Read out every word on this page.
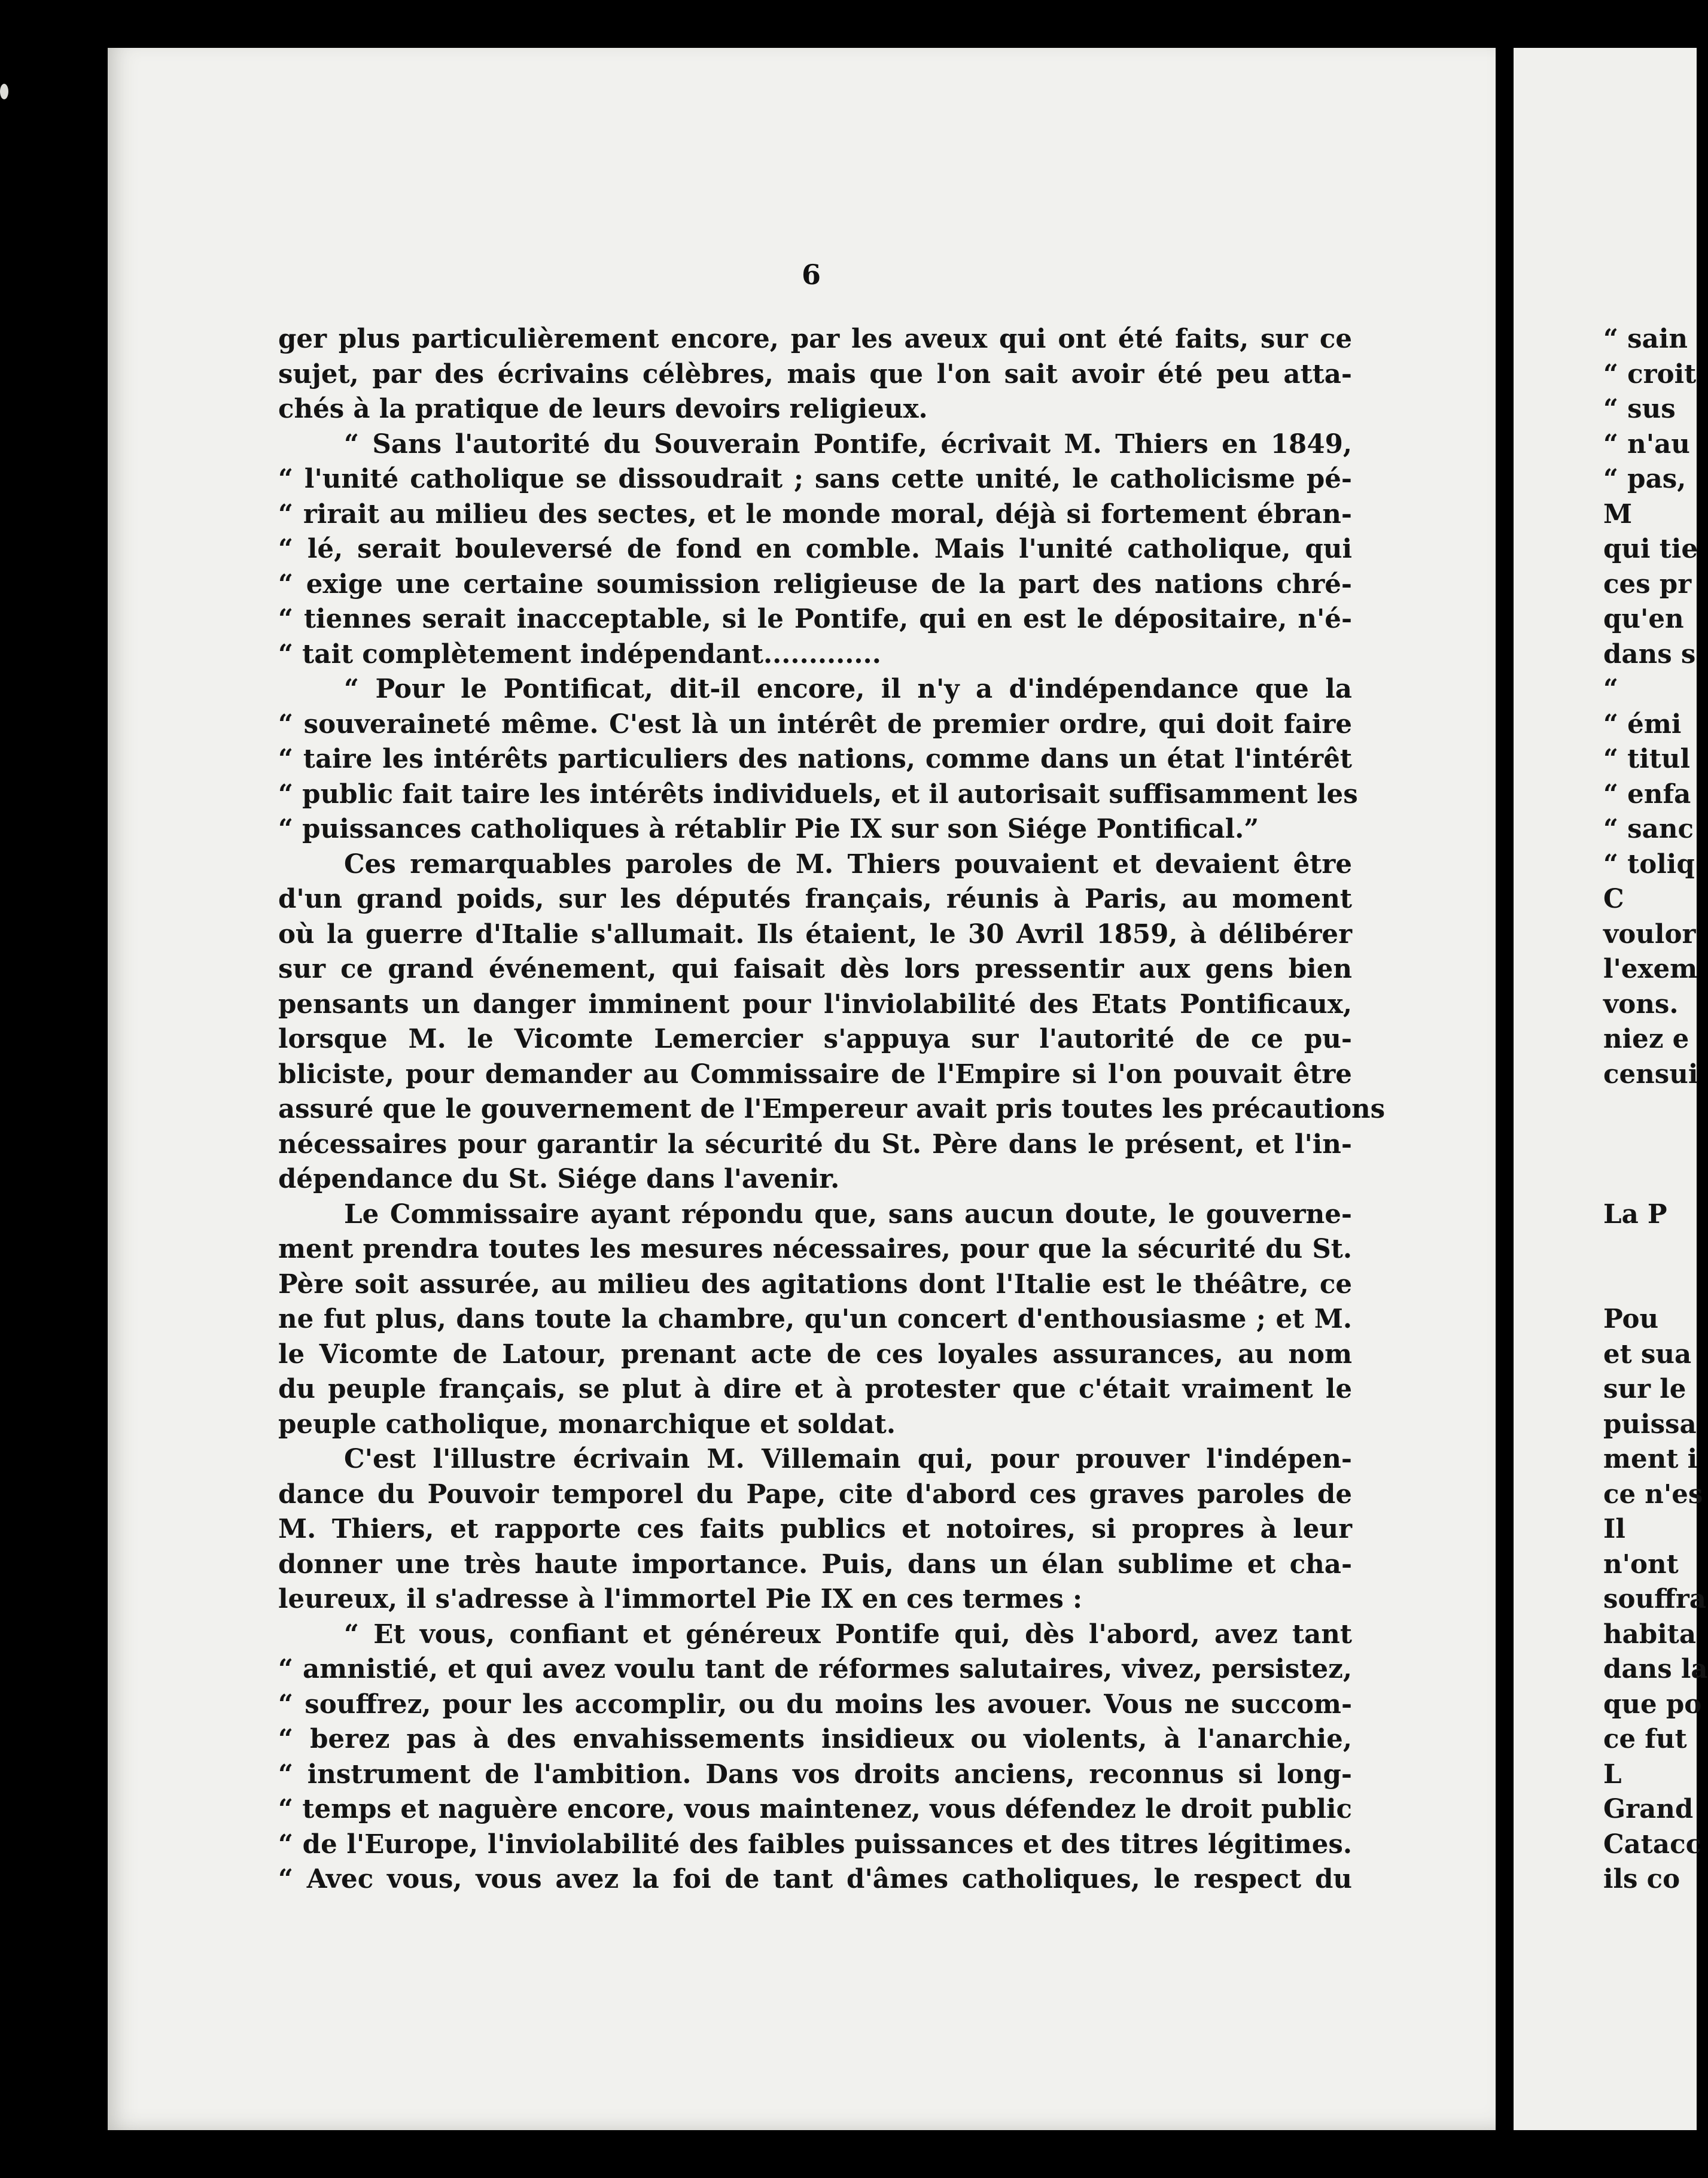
6
ger plus particulièrement encore, par les aveux qui ont été faits, sur ce
sujet, par des écrivains célèbres, mais que l'on sait avoir été peu atta-
chés à la pratique de leurs devoirs religieux.
“ Sans l'autorité du Souverain Pontife, écrivait M. Thiers en 1849,
“ l'unité catholique se dissoudrait ; sans cette unité, le catholicisme pé-
“ rirait au milieu des sectes, et le monde moral, déjà si fortement ébran-
“ lé, serait bouleversé de fond en comble. Mais l'unité catholique, qui
“ exige une certaine soumission religieuse de la part des nations chré-
“ tiennes serait inacceptable, si le Pontife, qui en est le dépositaire, n'é-
“ tait complètement indépendant.............
“ Pour le Pontificat, dit-il encore, il n'y a d'indépendance que la
“ souveraineté même. C'est là un intérêt de premier ordre, qui doit faire
“ taire les intérêts particuliers des nations, comme dans un état l'intérêt
“ public fait taire les intérêts individuels, et il autorisait suffisamment les
“ puissances catholiques à rétablir Pie IX sur son Siége Pontifical.”
Ces remarquables paroles de M. Thiers pouvaient et devaient être
d'un grand poids, sur les députés français, réunis à Paris, au moment
où la guerre d'Italie s'allumait. Ils étaient, le 30 Avril 1859, à délibérer
sur ce grand événement, qui faisait dès lors pressentir aux gens bien
pensants un danger imminent pour l'inviolabilité des Etats Pontificaux,
lorsque M. le Vicomte Lemercier s'appuya sur l'autorité de ce pu-
bliciste, pour demander au Commissaire de l'Empire si l'on pouvait être
assuré que le gouvernement de l'Empereur avait pris toutes les précautions
nécessaires pour garantir la sécurité du St. Père dans le présent, et l'in-
dépendance du St. Siége dans l'avenir.
Le Commissaire ayant répondu que, sans aucun doute, le gouverne-
ment prendra toutes les mesures nécessaires, pour que la sécurité du St.
Père soit assurée, au milieu des agitations dont l'Italie est le théâtre, ce
ne fut plus, dans toute la chambre, qu'un concert d'enthousiasme ; et M.
le Vicomte de Latour, prenant acte de ces loyales assurances, au nom
du peuple français, se plut à dire et à protester que c'était vraiment le
peuple catholique, monarchique et soldat.
C'est l'illustre écrivain M. Villemain qui, pour prouver l'indépen-
dance du Pouvoir temporel du Pape, cite d'abord ces graves paroles de
M. Thiers, et rapporte ces faits publics et notoires, si propres à leur
donner une très haute importance. Puis, dans un élan sublime et cha-
leureux, il s'adresse à l'immortel Pie IX en ces termes :
“ Et vous, confiant et généreux Pontife qui, dès l'abord, avez tant
“ amnistié, et qui avez voulu tant de réformes salutaires, vivez, persistez,
“ souffrez, pour les accomplir, ou du moins les avouer. Vous ne succom-
“ berez pas à des envahissements insidieux ou violents, à l'anarchie,
“ instrument de l'ambition. Dans vos droits anciens, reconnus si long-
“ temps et naguère encore, vous maintenez, vous défendez le droit public
“ de l'Europe, l'inviolabilité des faibles puissances et des titres légitimes.
“ Avec vous, vous avez la foi de tant d'âmes catholiques, le respect du
“ sain
“ croit
“ sus
“ n'au
“ pas,
M
qui tie
ces pr
qu'en
dans s
“
“ émi
“ titul
“ enfa
“ sanc
“ toliq
C
voulor
l'exem
vons.
niez e
censui
La P
Pou
et sua
sur le
puissa
ment i
ce n'es
Il
n'ont
souffra
habita
dans la
que po
ce fut
L
Grand
Catacc
ils co
